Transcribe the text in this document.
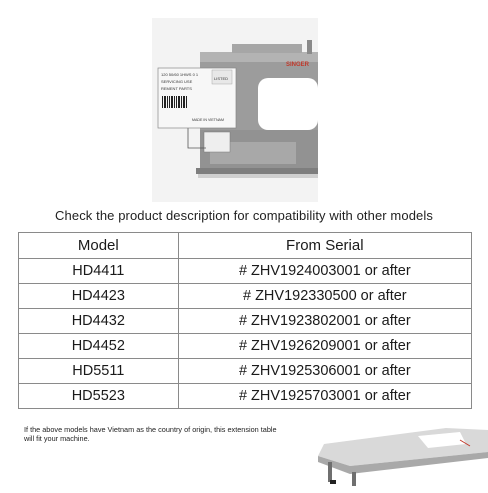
SINGER
LISTED
120 50/60 1HWS 0 1
SERVICING USE
REMENT PARTS
MADE IN VIETNAM
Check the product description for compatibility with other models
Model	From Serial
HD4411	# ZHV1924003001 or after
HD4423	# ZHV192330500 or after
HD4432	# ZHV1923802001 or after
HD4452	# ZHV1926209001 or after
HD5511	# ZHV1925306001 or after
HD5523	# ZHV1925703001 or after
If the above models have Vietnam as the country of origin, this extension table will fit your machine.
